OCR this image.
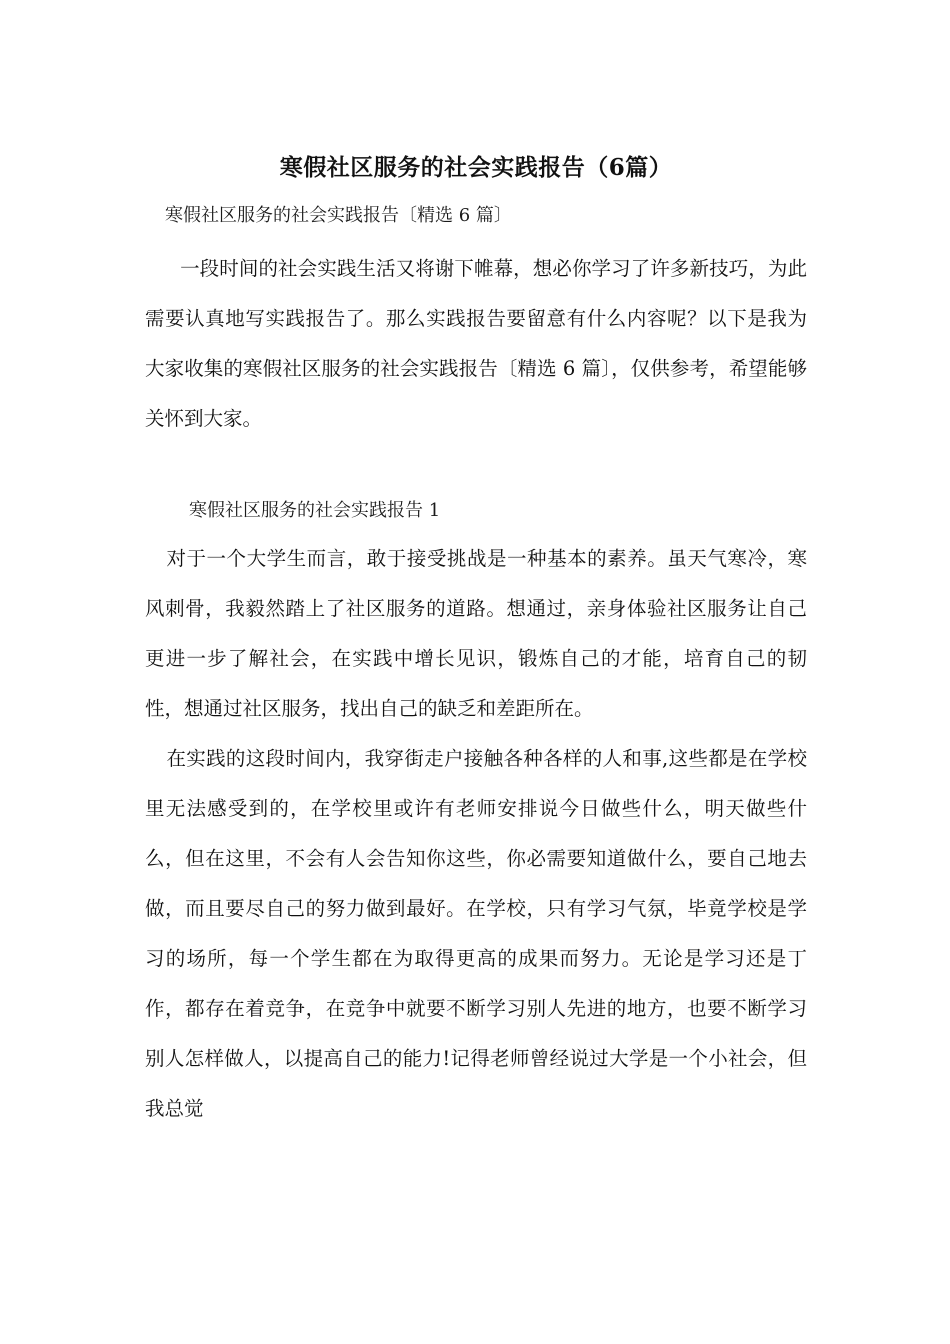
寒假社区服务的社会实践报告（6篇）

寒假社区服务的社会实践报告〔精选 6 篇〕

一段时间的社会实践生活又将谢下帷幕，想必你学习了许多新技巧，为此需要认真地写实践报告了。那么实践报告要留意有什么内容呢？以下是我为大家收集的寒假社区服务的社会实践报告〔精选 6 篇〕，仅供参考，希望能够关怀到大家。

寒假社区服务的社会实践报告 1

对于一个大学生而言，敢于接受挑战是一种基本的素养。虽天气寒冷，寒风刺骨，我毅然踏上了社区服务的道路。想通过，亲身体验社区服务让自己更进一步了解社会，在实践中增长见识，锻炼自己的才能，培育自己的韧性，想通过社区服务，找出自己的缺乏和差距所在。

在实践的这段时间内，我穿街走户接触各种各样的人和事,这些都是在学校里无法感受到的，在学校里或许有老师安排说今日做些什么，明天做些什么，但在这里，不会有人会告知你这些，你必需要知道做什么，要自己地去做，而且要尽自己的努力做到最好。在学校，只有学习气氛，毕竟学校是学习的场所，每一个学生都在为取得更高的成果而努力。无论是学习还是丁作，都存在着竞争，在竞争中就要不断学习别人先进的地方，也要不断学习别人怎样做人，以提高自己的能力!记得老师曾经说过大学是一个小社会，但我总觉
